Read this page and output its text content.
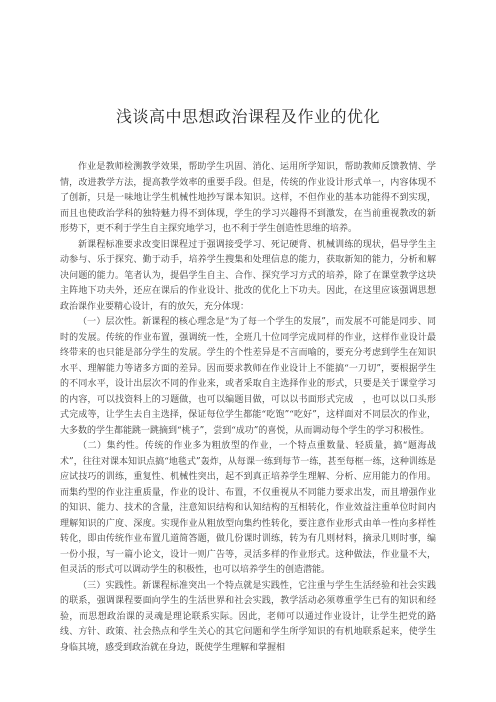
浅谈高中思想政治课程及作业的优化

作业是教师检测教学效果，帮助学生巩固、消化、运用所学知识，帮助教师反馈教情、学情，改进教学方法，提高教学效率的重要手段。但是，传统的作业设计形式单一，内容体现不了创新，只是一味地让学生机械性地抄写课本知识。这样，不但作业的基本功能得不到实现，而且也使政治学科的独特魅力得不到体现，学生的学习兴趣得不到激发，在当前重视教改的新形势下，更不利于学生自主探究地学习，也不利于学生创造性思维的培养。

新课程标准要求改变旧课程过于强调接受学习、死记硬背、机械训练的现状，倡导学生主动参与、乐于探究、勤于动手，培养学生搜集和处理信息的能力，获取新知的能力，分析和解决问题的能力。笔者认为，提倡学生自主、合作、探究学习方式的培养，除了在课堂教学这块主阵地下功夫外，还应在课后的作业设计、批改的优化上下功夫。因此，在这里应该强调思想政治课作业要精心设计，有的放矢，充分体现：

（一）层次性。新课程的核心理念是“为了每一个学生的发展”，而发展不可能是同步、同时的发展。传统的作业布置，强调统一性，全班几十位同学完成同样的作业，这样作业设计最终带来的也只能是部分学生的发展。学生的个性差异是不言而喻的，要充分考虑到学生在知识水平、理解能力等诸多方面的差异。因而要求教师在作业设计上不能搞“一刀切”，要根据学生的不同水平，设计出层次不同的作业来，或者采取自主选择作业的形式，只要是关于课堂学习的内容，可以找资料上的习题做，也可以编题目做，可以以书面形式完成　，也可以以口头形式完成等，让学生去自主选择，保证每位学生都能“吃饱”“吃好”，这样面对不同层次的作业，大多数的学生都能跳一跳摘到“桃子”，尝到“成功”的喜悦，从而调动每个学生的学习积极性。

（二）集约性。传统的作业多为粗放型的作业，一个特点重数量、轻质量，搞“题海战术”，往往对课本知识点搞“地毯式”轰炸，从每课一练到每节一练，甚至每框一练，这种训练是应试技巧的训练，重复性、机械性突出，起不到真正培养学生理解、分析、应用能力的作用。而集约型的作业注重质量，作业的设计、布置，不仅重视从不同能力要求出发，而且增强作业的知识、能力、技术的含量，注意知识结构和认知结构的互相转化，作业效益注重单位时间内理解知识的广度、深度。实现作业从粗放型向集约性转化，要注意作业形式由单一性向多样性转化，即由传统作业布置几道简答题，做几份课时训练，转为有几则材料，摘录几则时事，编一份小报，写一篇小论文，设计一则广告等，灵活多样的作业形式。这种做法，作业量不大，但灵活的形式可以调动学生的积极性，也可以培养学生的创造潜能。

（三）实践性。新课程标准突出一个特点就是实践性，它注重与学生生活经验和社会实践的联系，强调课程要面向学生的生活世界和社会实践，教学活动必须尊重学生已有的知识和经验，而思想政治课的灵魂是理论联系实际。因此，老师可以通过作业设计，让学生把党的路线、方针、政策、社会热点和学生关心的其它问题和学生所学知识的有机地联系起来，使学生身临其境，感受到政治就在身边，既使学生理解和掌握相
